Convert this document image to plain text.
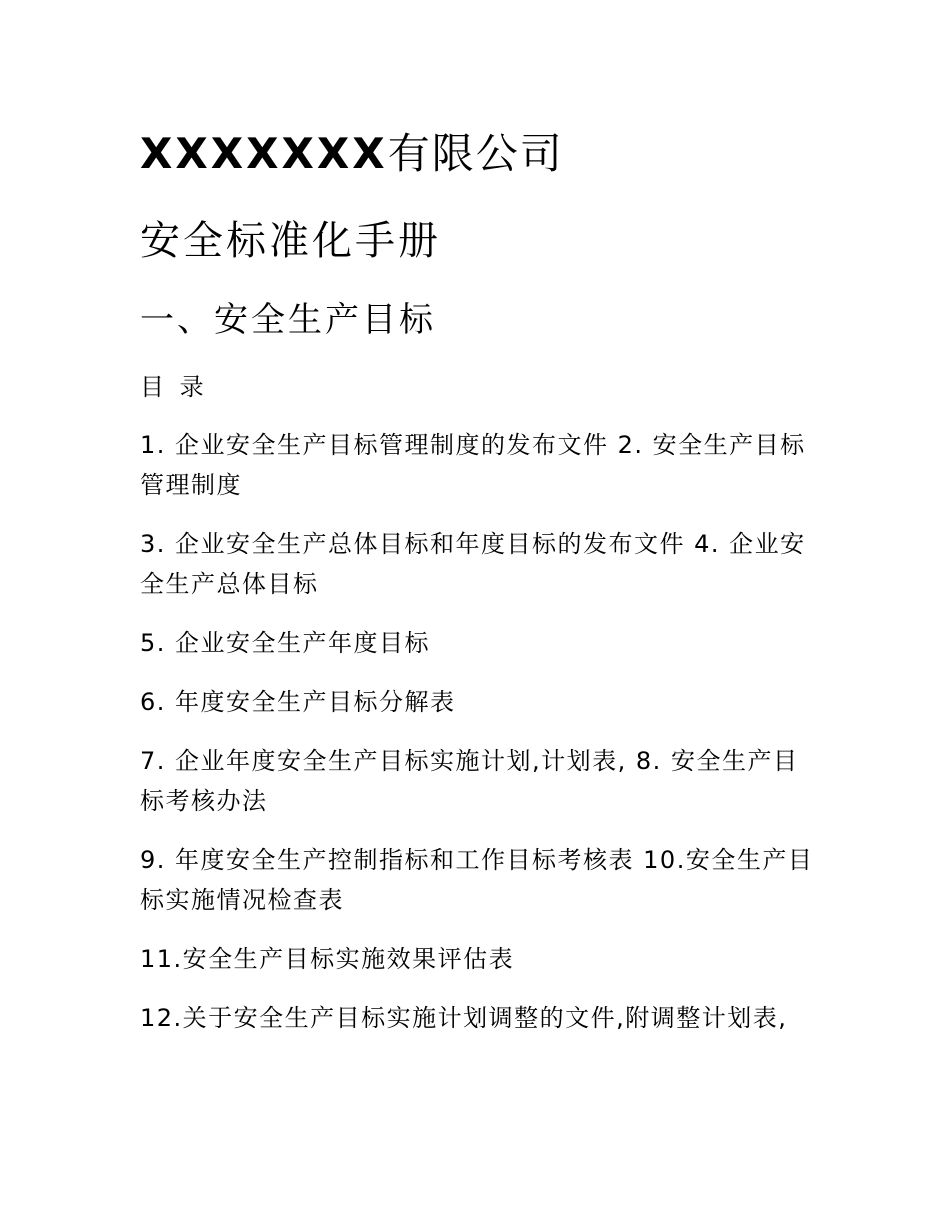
XXXXXXX有限公司
安全标准化手册
一、安全生产目标
目 录
1. 企业安全生产目标管理制度的发布文件 2. 安全生产目标管理制度
3. 企业安全生产总体目标和年度目标的发布文件 4. 企业安全生产总体目标
5. 企业安全生产年度目标
6. 年度安全生产目标分解表
7. 企业年度安全生产目标实施计划,计划表, 8. 安全生产目标考核办法
9. 年度安全生产控制指标和工作目标考核表 10.安全生产目标实施情况检查表
11.安全生产目标实施效果评估表
12.关于安全生产目标实施计划调整的文件,附调整计划表,
